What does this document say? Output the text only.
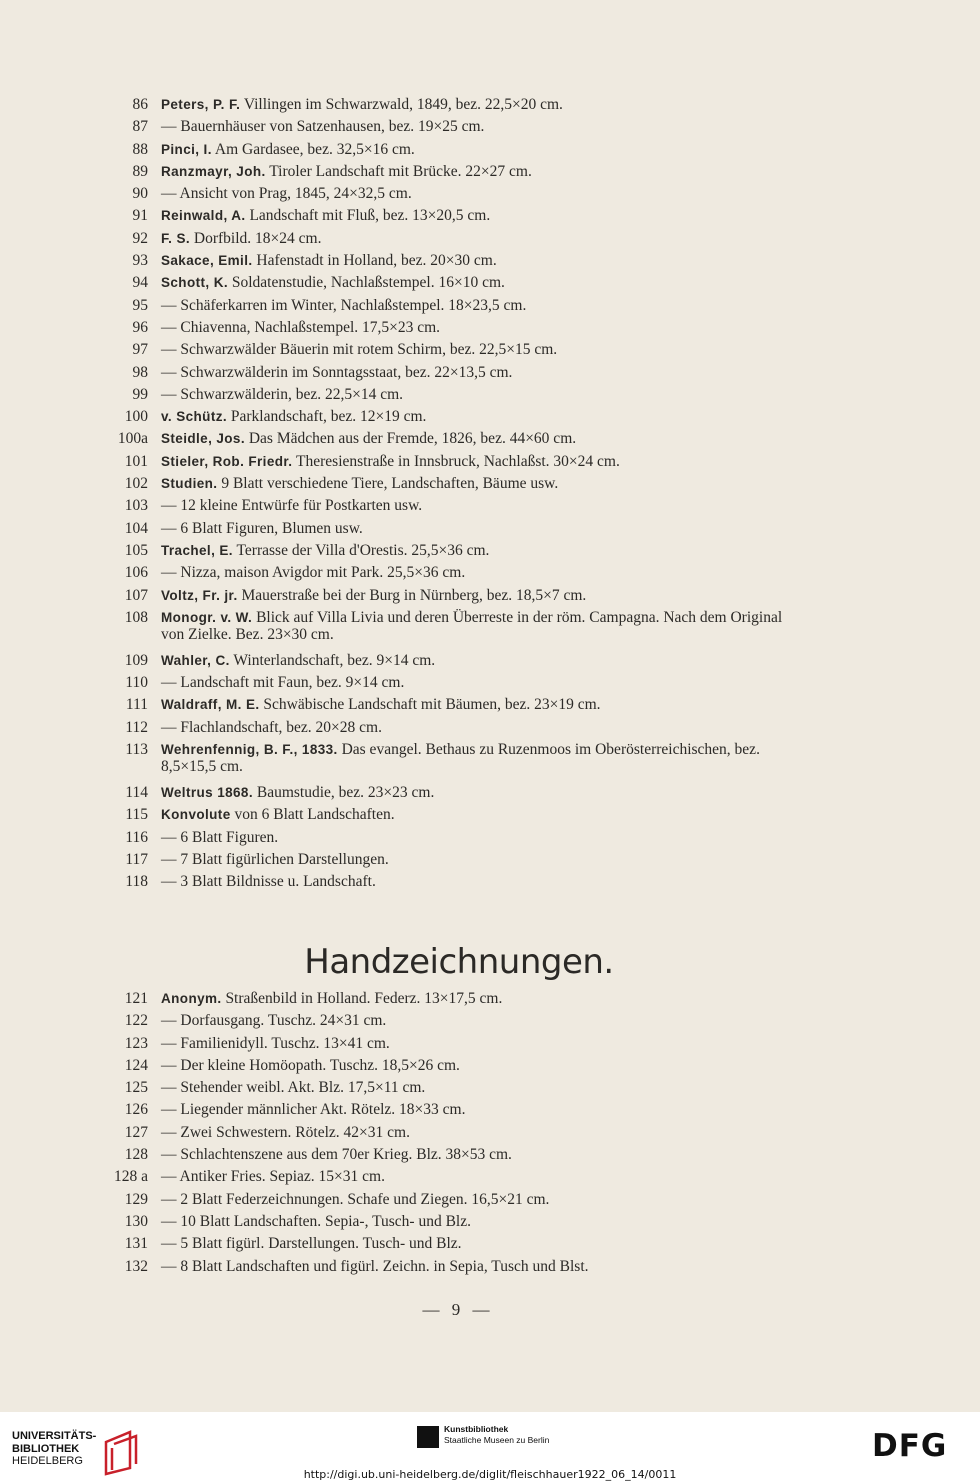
86 Peters, P. F. Villingen im Schwarzwald, 1849, bez. 22,5×20 cm.
87 — Bauernhäuser von Satzenhausen, bez. 19×25 cm.
88 Pinci, I. Am Gardasee, bez. 32,5×16 cm.
89 Ranzmayr, Joh. Tiroler Landschaft mit Brücke. 22×27 cm.
90 — Ansicht von Prag, 1845, 24×32,5 cm.
91 Reinwald, A. Landschaft mit Fluß, bez. 13×20,5 cm.
92 F. S. Dorfbild. 18×24 cm.
93 Sakace, Emil. Hafenstadt in Holland, bez. 20×30 cm.
94 Schott, K. Soldatenstudie, Nachlaßstempel. 16×10 cm.
95 — Schäferkarren im Winter, Nachlaßstempel. 18×23,5 cm.
96 — Chiavenna, Nachlaßstempel. 17,5×23 cm.
97 — Schwarzwälder Bäuerin mit rotem Schirm, bez. 22,5×15 cm.
98 — Schwarzwälderin im Sonntagsstaat, bez. 22×13,5 cm.
99 — Schwarzwälderin, bez. 22,5×14 cm.
100 v. Schütz. Parklandschaft, bez. 12×19 cm.
100a Steidle, Jos. Das Mädchen aus der Fremde, 1826, bez. 44×60 cm.
101 Stieler, Rob. Friedr. Theresienstraße in Innsbruck, Nachlaßst. 30×24 cm.
102 Studien. 9 Blatt verschiedene Tiere, Landschaften, Bäume usw.
103 — 12 kleine Entwürfe für Postkarten usw.
104 — 6 Blatt Figuren, Blumen usw.
105 Trachel, E. Terrasse der Villa d'Orestis. 25,5×36 cm.
106 — Nizza, maison Avigdor mit Park. 25,5×36 cm.
107 Voltz, Fr. jr. Mauerstraße bei der Burg in Nürnberg, bez. 18,5×7 cm.
108 Monogr. v. W. Blick auf Villa Livia und deren Überreste in der röm. Campagna. Nach dem Original von Zielke. Bez. 23×30 cm.
109 Wahler, C. Winterlandschaft, bez. 9×14 cm.
110 — Landschaft mit Faun, bez. 9×14 cm.
111 Waldraff, M. E. Schwäbische Landschaft mit Bäumen, bez. 23×19 cm.
112 — Flachlandschaft, bez. 20×28 cm.
113 Wehrenfennig, B. F., 1833. Das evangel. Bethaus zu Ruzenmoos im Oberösterreichischen, bez. 8,5×15,5 cm.
114 Weltrus 1868. Baumstudie, bez. 23×23 cm.
115 Konvolute von 6 Blatt Landschaften.
116 — 6 Blatt Figuren.
117 — 7 Blatt figürlichen Darstellungen.
118 — 3 Blatt Bildnisse u. Landschaft.
Handzeichnungen.
121 Anonym. Straßenbild in Holland. Federz. 13×17,5 cm.
122 — Dorfausgang. Tuschz. 24×31 cm.
123 — Familienidyll. Tuschz. 13×41 cm.
124 — Der kleine Homöopath. Tuschz. 18,5×26 cm.
125 — Stehender weibl. Akt. Blz. 17,5×11 cm.
126 — Liegender männlicher Akt. Rötelz. 18×33 cm.
127 — Zwei Schwestern. Rötelz. 42×31 cm.
128 — Schlachtenszene aus dem 70er Krieg. Blz. 38×53 cm.
128 a — Antiker Fries. Sepiaz. 15×31 cm.
129 — 2 Blatt Federzeichnungen. Schafe und Ziegen. 16,5×21 cm.
130 — 10 Blatt Landschaften. Sepia-, Tusch- und Blz.
131 — 5 Blatt figürl. Darstellungen. Tusch- und Blz.
132 — 8 Blatt Landschaften und figürl. Zeichn. in Sepia, Tusch und Blst.
— 9 —
UNIVERSITÄTS-
BIBLIOTHEK
HEIDELBERG
Kunstbibliothek
Staatliche Museen zu Berlin	DFG
http://digi.ub.uni-heidelberg.de/diglit/fleischhauer1922_06_14/0011
